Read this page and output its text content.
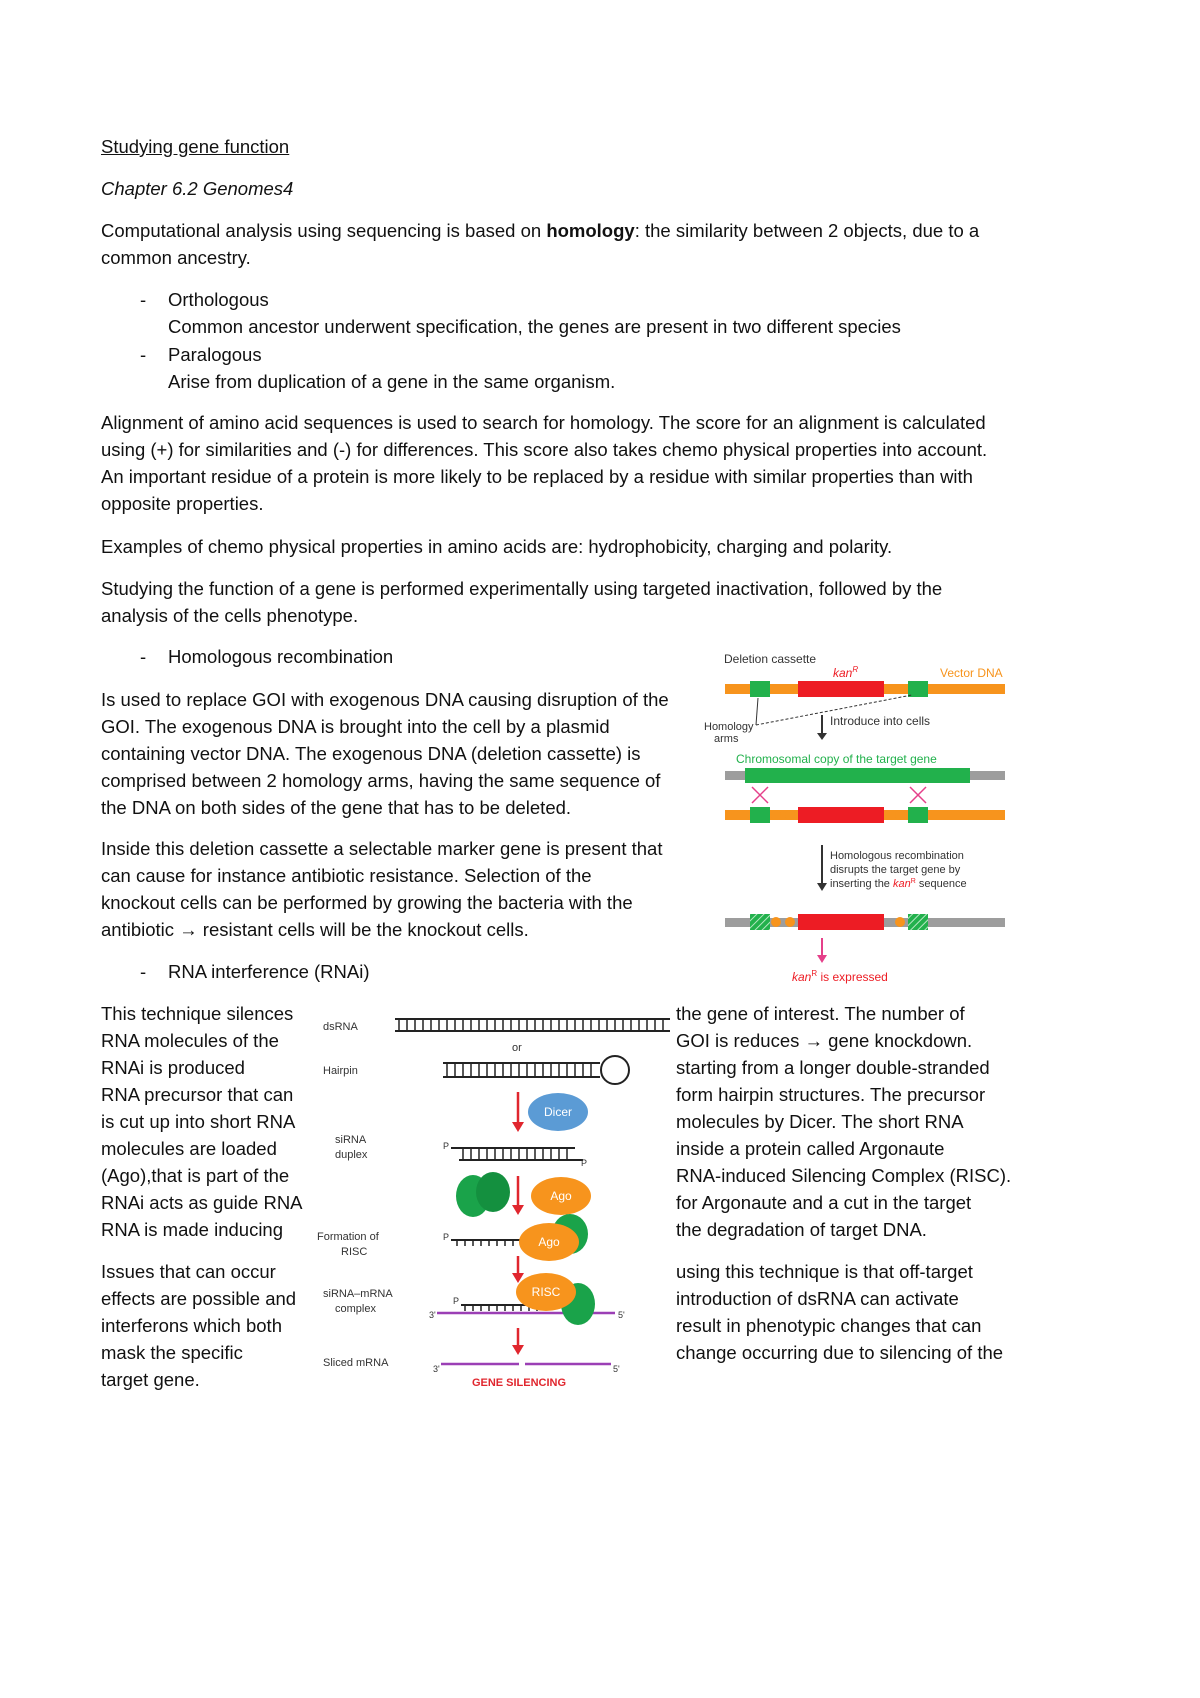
Studying gene function
Chapter 6.2 Genomes4
Computational analysis using sequencing is based on homology: the similarity between 2 objects, due to a
common ancestry.
- Orthologous
Common ancestor underwent specification, the genes are present in two different species
- Paralogous
Arise from duplication of a gene in the same organism.
Alignment of amino acid sequences is used to search for homology. The score for an alignment is calculated
using (+) for similarities and (-) for differences. This score also takes chemo physical properties into account.
An important residue of a protein is more likely to be replaced by a residue with similar properties than with
opposite properties.
Examples of chemo physical properties in amino acids are: hydrophobicity, charging and polarity.
Studying the function of a gene is performed experimentally using targeted inactivation, followed by the
analysis of the cells phenotype.
- Homologous recombination
Is used to replace GOI with exogenous DNA causing disruption of the
GOI. The exogenous DNA is brought into the cell by a plasmid
containing vector DNA. The exogenous DNA (deletion cassette) is
comprised between 2 homology arms, having the same sequence of
the DNA on both sides of the gene that has to be deleted.
Inside this deletion cassette a selectable marker gene is present that
can cause for instance antibiotic resistance. Selection of the
knockout cells can be performed by growing the bacteria with the
antibiotic → resistant cells will be the knockout cells.
- RNA interference (RNAi)
This technique silences
RNA molecules of the
RNAi is produced
RNA precursor that can
is cut up into short RNA
molecules are loaded
(Ago),that is part of the
RNAi acts as guide RNA
RNA is made inducing
Issues that can occur
effects are possible and
interferons which both
mask the specific
target gene.
the gene of interest. The number of
GOI is reduces → gene knockdown.
starting from a longer double-stranded
form hairpin structures. The precursor
molecules by Dicer. The short RNA
inside a protein called Argonaute
RNA-induced Silencing Complex (RISC).
for Argonaute and a cut in the target
the degradation of target DNA.
using this technique is that off-target
introduction of dsRNA can activate
result in phenotypic changes that can
change occurring due to silencing of the
Deletion cassette
kan$^R$	Vector DNA
Homology
arms
Introduce into cells
Chromosomal copy of the target gene
Homologous recombination
disrupts the target gene by
inserting the kan$^R$ sequence
kan$^R$ is expressed
dsRNA
or
Hairpin
Dicer
siRNA
duplex
P
P
Ago
Formation of
RISC
P	Ago
siRNA–mRNA
complex
P
3'	5'
RISC
Sliced mRNA	3'	5'
GENE SILENCING
